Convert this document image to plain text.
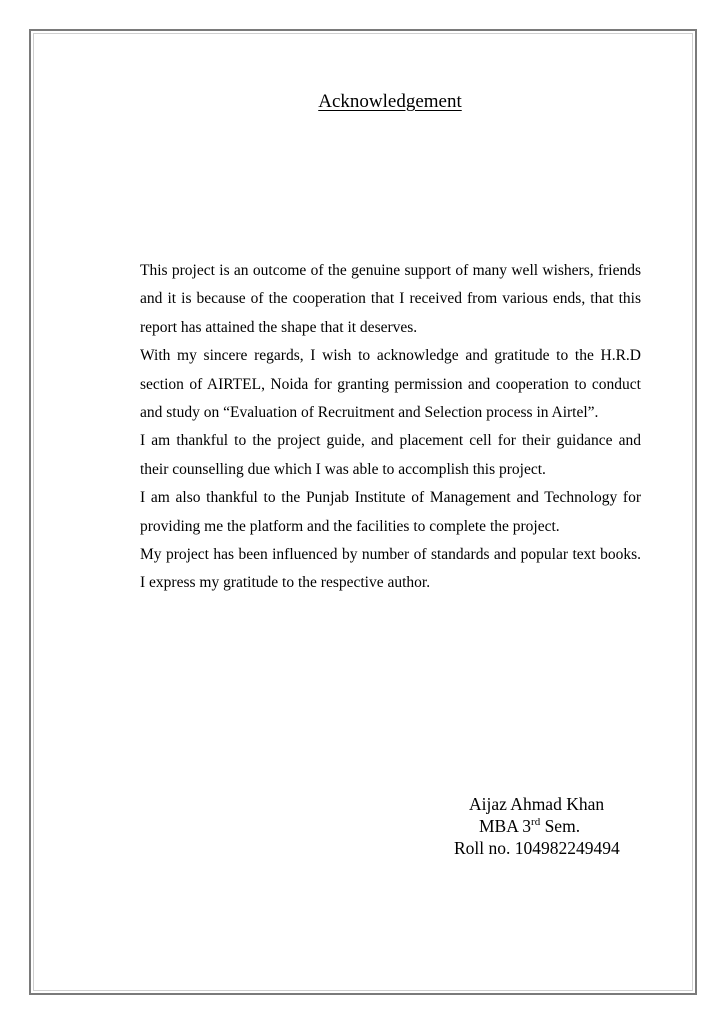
Acknowledgement

This project is an outcome of the genuine support of many well wishers, friends and it is because of the cooperation that I received from various ends, that this report has attained the shape that it deserves.

With my sincere regards, I wish to acknowledge and gratitude to the H.R.D section of AIRTEL, Noida for granting permission and cooperation to conduct and study on “Evaluation of Recruitment and Selection process in Airtel”.

I am thankful to the project guide, and placement cell for their guidance and their counselling due which I was able to accomplish this project.

I am also thankful to the Punjab Institute of Management and Technology for providing me the platform and the facilities to complete the project.

My project has been influenced by number of standards and popular text books. I express my gratitude to the respective author.

Aijaz Ahmad Khan
MBA 3rd Sem.
Roll no. 104982249494
